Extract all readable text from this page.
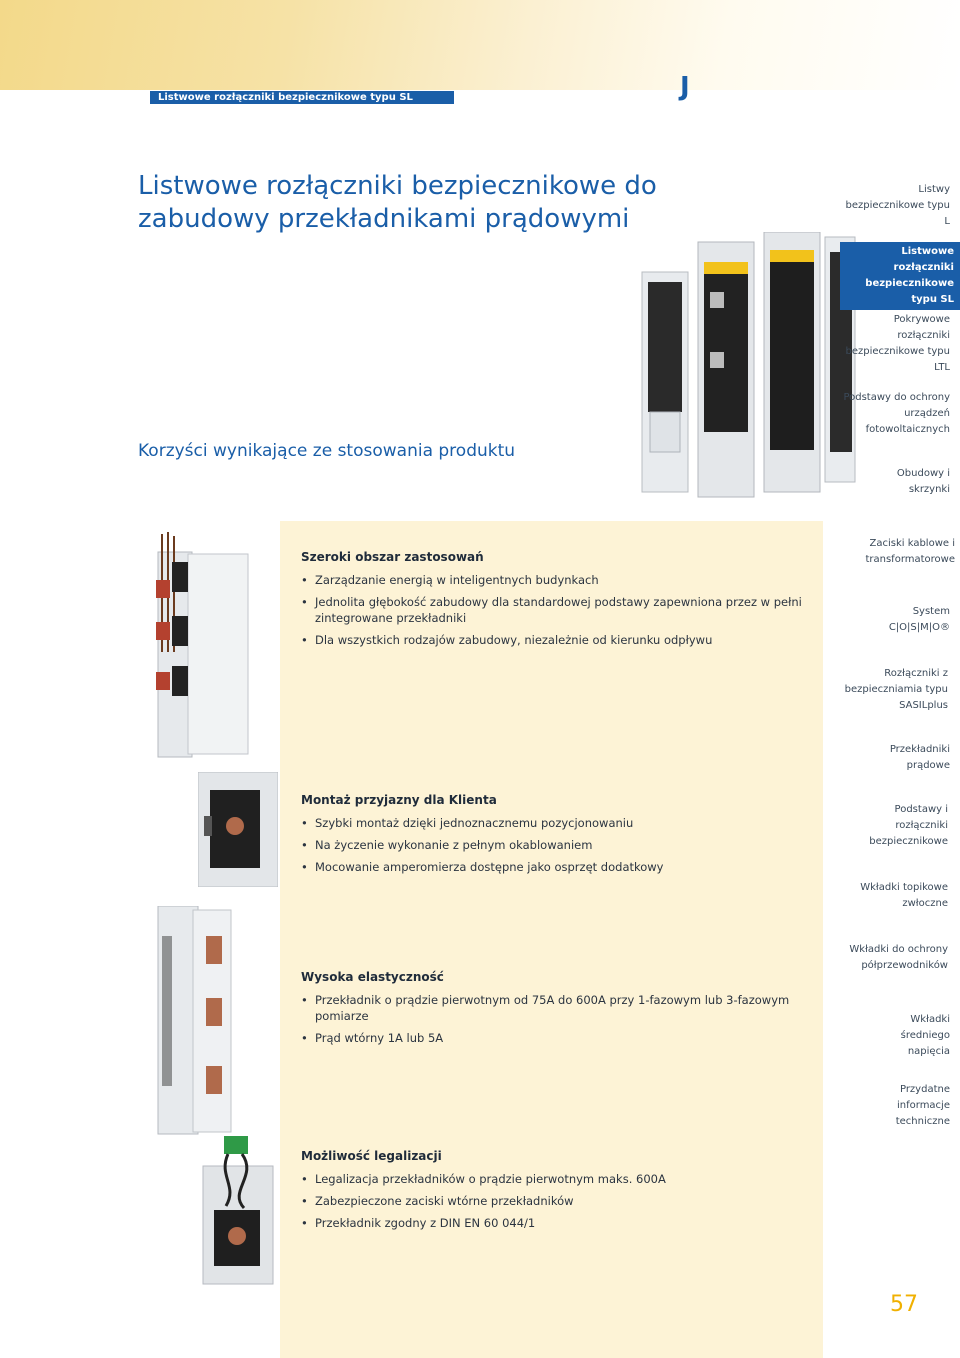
Listwowe rozłączniki bezpiecznikowe typu SL	J
Listwowe rozłączniki bezpiecznikowe do zabudowy przekładnikami prądowymi
Korzyści wynikające ze stosowania produktu
Listwy bezpiecznikowe typu L
Listwowe rozłączniki bezpiecznikowe typu SL
Pokrywowe rozłączniki bezpiecznikowe typu LTL
Podstawy do ochrony urządzeń fotowoltaicznych
Obudowy i skrzynki
Zaciski kablowe i transformatorowe
System C|O|S|M|O®
Rozłączniki z bezpieczniamia typu SASILplus
Przekładniki prądowe
Podstawy i rozłączniki bezpiecznikowe
Wkładki topikowe zwłoczne
Wkładki do ochrony półprzewodników
Wkładki średniego napięcia
Przydatne informacje techniczne
Szeroki obszar zastosowań
• Zarządzanie energią w inteligentnych budynkach
• Jednolita głębokość zabudowy dla standardowej podstawy zapewniona przez w pełni zintegrowane przekładniki
• Dla wszystkich rodzajów zabudowy, niezależnie od kierunku odpływu
Montaż przyjazny dla Klienta
• Szybki montaż dzięki jednoznacznemu pozycjonowaniu
• Na życzenie wykonanie z pełnym okablowaniem
• Mocowanie amperomierza dostępne jako osprzęt dodatkowy
Wysoka elastyczność
• Przekładnik o prądzie pierwotnym od 75A do 600A przy 1-fazowym lub 3-fazowym pomiarze
• Prąd wtórny 1A lub 5A
Możliwość legalizacji
• Legalizacja przekładników o prądzie pierwotnym maks. 600A
• Zabezpieczone zaciski wtórne przekładników
• Przekładnik zgodny z DIN EN 60 044/1
57
